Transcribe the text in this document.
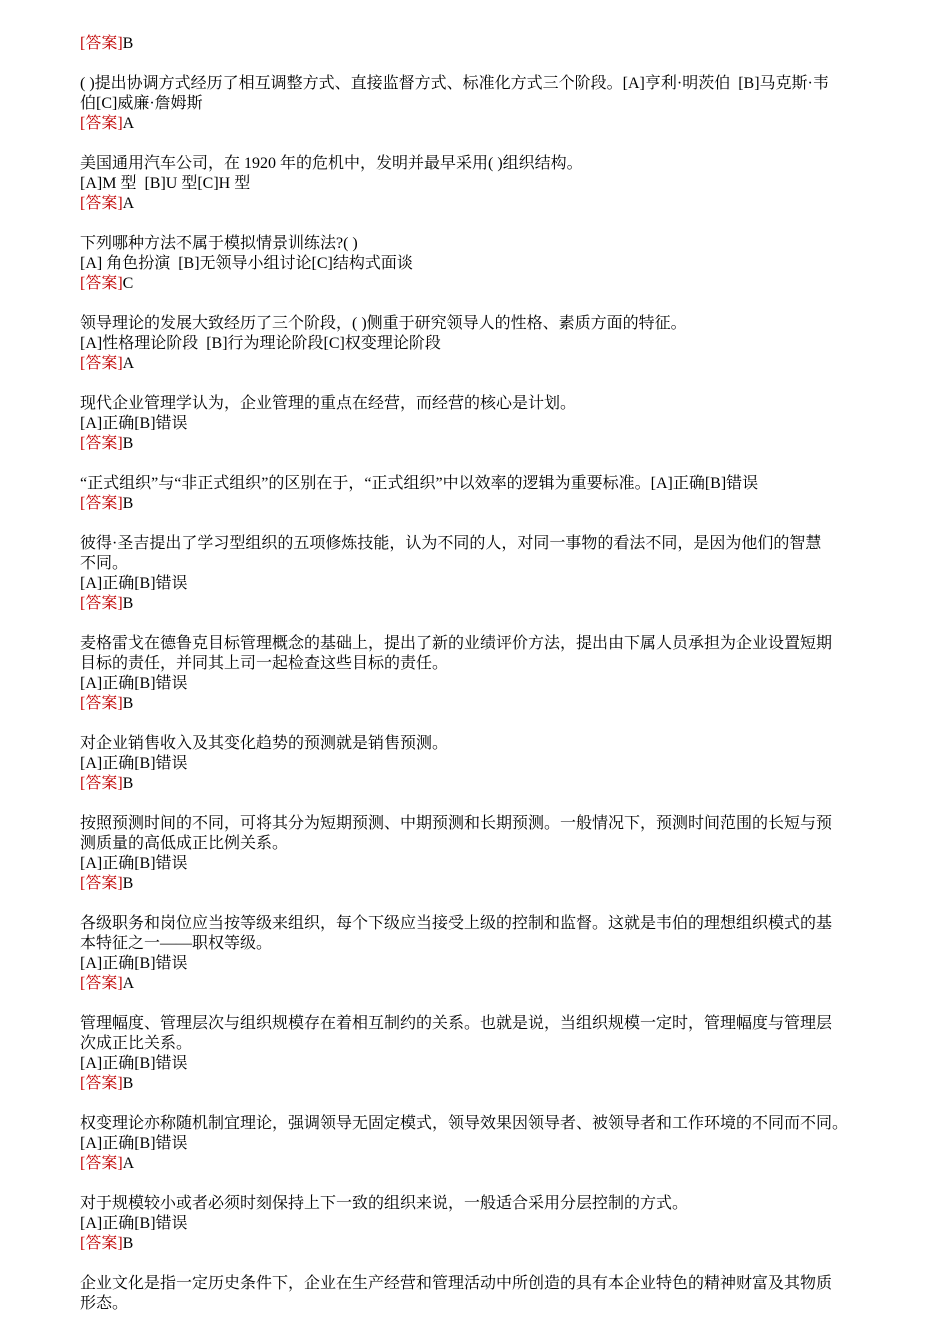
[答案]B
( )提出协调方式经历了相互调整方式、直接监督方式、标准化方式三个阶段。[A]亨利·明茨伯  [B]马克斯·韦
伯[C]威廉·詹姆斯
[答案]A
美国通用汽车公司，在 1920 年的危机中，发明并最早采用( )组织结构。
[A]M 型  [B]U 型[C]H 型
[答案]A
下列哪种方法不属于模拟情景训练法?( )
[A] 角色扮演  [B]无领导小组讨论[C]结构式面谈
[答案]C
领导理论的发展大致经历了三个阶段，( )侧重于研究领导人的性格、素质方面的特征。
[A]性格理论阶段  [B]行为理论阶段[C]权变理论阶段
[答案]A
现代企业管理学认为，企业管理的重点在经营，而经营的核心是计划。
[A]正确[B]错误
[答案]B
“正式组织”与“非正式组织”的区别在于，“正式组织”中以效率的逻辑为重要标准。[A]正确[B]错误
[答案]B
彼得·圣吉提出了学习型组织的五项修炼技能，认为不同的人，对同一事物的看法不同，是因为他们的智慧
不同。
[A]正确[B]错误
[答案]B
麦格雷戈在德鲁克目标管理概念的基础上，提出了新的业绩评价方法，提出由下属人员承担为企业设置短期
目标的责任，并同其上司一起检查这些目标的责任。
[A]正确[B]错误
[答案]B
对企业销售收入及其变化趋势的预测就是销售预测。
[A]正确[B]错误
[答案]B
按照预测时间的不同，可将其分为短期预测、中期预测和长期预测。一般情况下，预测时间范围的长短与预
测质量的高低成正比例关系。
[A]正确[B]错误
[答案]B
各级职务和岗位应当按等级来组织，每个下级应当接受上级的控制和监督。这就是韦伯的理想组织模式的基
本特征之一——职权等级。
[A]正确[B]错误
[答案]A
管理幅度、管理层次与组织规模存在着相互制约的关系。也就是说，当组织规模一定时，管理幅度与管理层
次成正比关系。
[A]正确[B]错误
[答案]B
权变理论亦称随机制宜理论，强调领导无固定模式，领导效果因领导者、被领导者和工作环境的不同而不同。
[A]正确[B]错误
[答案]A
对于规模较小或者必须时刻保持上下一致的组织来说，一般适合采用分层控制的方式。
[A]正确[B]错误
[答案]B
企业文化是指一定历史条件下，企业在生产经营和管理活动中所创造的具有本企业特色的精神财富及其物质
形态。
